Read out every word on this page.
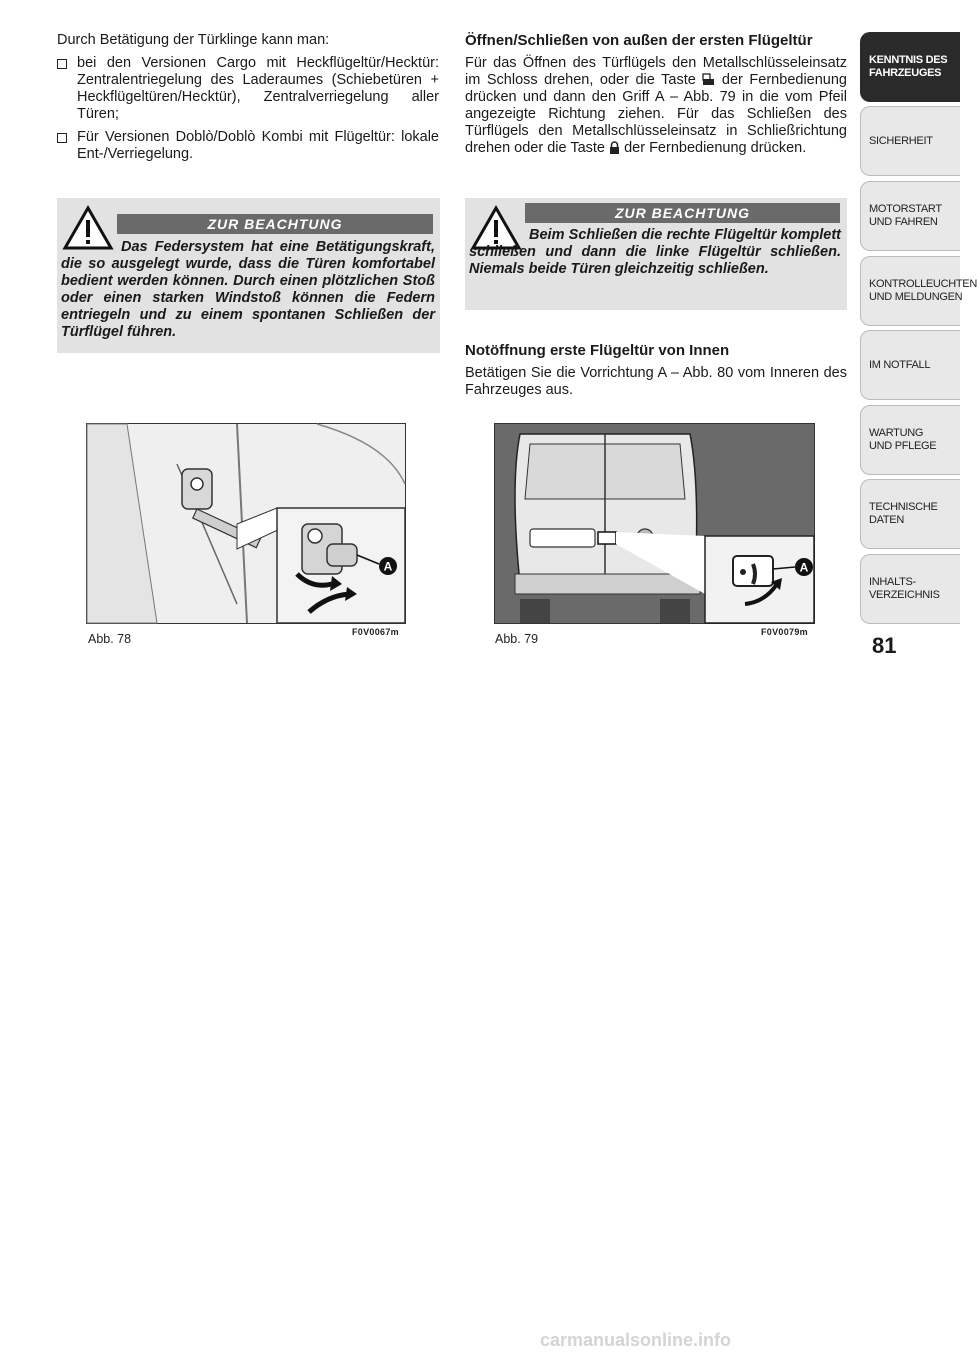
Durch Betätigung der Türklinge kann man:

bei den Versionen Cargo mit Heckflügeltür/Hecktür: Zentralentriegelung des Laderaumes (Schiebetüren + Heckflügeltüren/Hecktür), Zentralverriegelung aller Türen;
Für Versionen Doblò/Doblò Kombi mit Flügeltür: lokale Ent-/Verriegelung.
ZUR BEACHTUNG
Das Federsystem hat eine Betätigungskraft, die so ausgelegt wurde, dass die Türen komfortabel bedient werden können. Durch einen plötzlichen Stoß oder einen starken Windstoß können die Federn entriegeln und zu einem spontanen Schließen der Türflügel führen.
A
Abb. 78	F0V0067m
Öffnen/Schließen von außen der ersten Flügeltür

Für das Öffnen des Türflügels den Metallschlüsseleinsatz im Schloss drehen, oder die Taste der Fernbedienung drücken und dann den Griff A – Abb. 79 in die vom Pfeil angezeigte Richtung ziehen. Für das Schließen des Türflügels den Metallschlüsseleinsatz in Schließrichtung drehen oder die Taste der Fernbedienung drücken.

ZUR BEACHTUNG
Beim Schließen die rechte Flügeltür komplett schließen und dann die linke Flügeltür schließen. Niemals beide Türen gleichzeitig schließen.
Notöffnung erste Flügeltür von Innen

Betätigen Sie die Vorrichtung A – Abb. 80 vom Inneren des Fahrzeuges aus.

A
Abb. 79	F0V0079m
KENNTNIS DES
FAHRZEUGES
SICHERHEIT
MOTORSTART
UND FAHREN
KONTROLLEUCHTEN
UND MELDUNGEN
IM NOTFALL
WARTUNG
UND PFLEGE
TECHNISCHE DATEN
INHALTS-
VERZEICHNIS
81
carmanualsonline.info
